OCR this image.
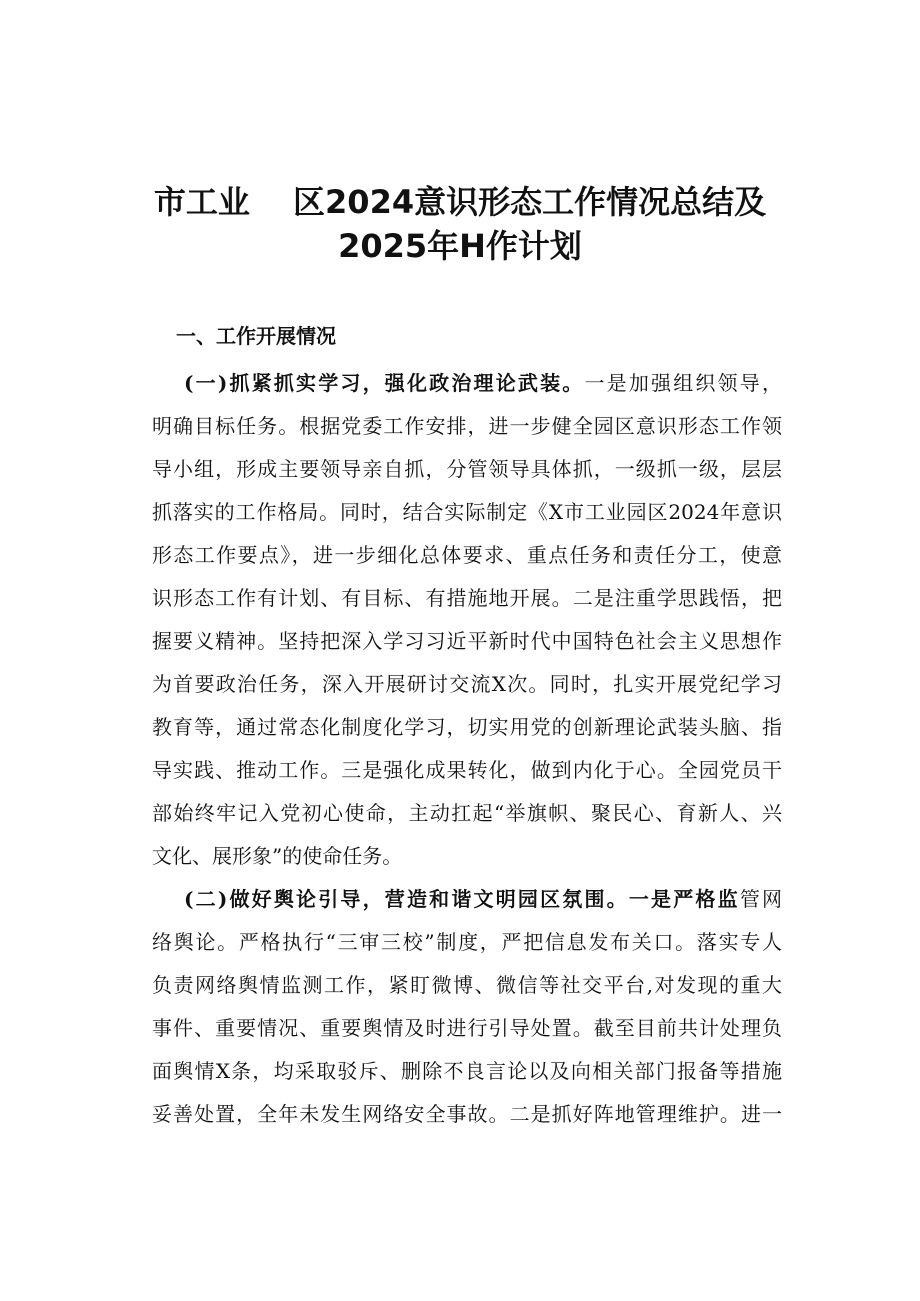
市工业　 区2024意识形态工作情况总结及
2025年H作计划
一、工作开展情况
(一)抓紧抓实学习，强化政治理论武装。一是加强组织领导，
明确目标任务。根据党委工作安排，进一步健全园区意识形态工作领
导小组，形成主要领导亲自抓，分管领导具体抓，一级抓一级，层层
抓落实的工作格局。同时，结合实际制定《X市工业园区2024年意识
形态工作要点》，进一步细化总体要求、重点任务和责任分工，使意
识形态工作有计划、有目标、有措施地开展。二是注重学思践悟，把
握要义精神。坚持把深入学习习近平新时代中国特色社会主义思想作
为首要政治任务，深入开展研讨交流X次。同时，扎实开展党纪学习
教育等，通过常态化制度化学习，切实用党的创新理论武装头脑、指
导实践、推动工作。三是强化成果转化，做到内化于心。全园党员干
部始终牢记入党初心使命，主动扛起“举旗帜、聚民心、育新人、兴
文化、展形象”的使命任务。
(二)做好舆论引导，营造和谐文明园区氛围。一是严格监管网
络舆论。严格执行“三审三校”制度，严把信息发布关口。落实专人
负责网络舆情监测工作，紧盯微博、微信等社交平台,对发现的重大
事件、重要情况、重要舆情及时进行引导处置。截至目前共计处理负
面舆情X条，均采取驳斥、删除不良言论以及向相关部门报备等措施
妥善处置，全年未发生网络安全事故。二是抓好阵地管理维护。进一
